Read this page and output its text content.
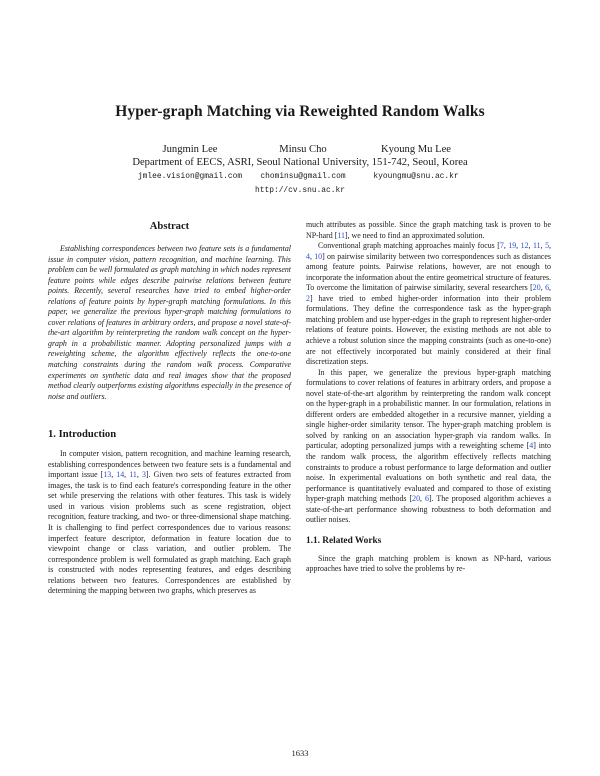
Hyper-graph Matching via Reweighted Random Walks
Jungmin Lee	Minsu Cho	Kyoung Mu Lee
Department of EECS, ASRI, Seoul National University, 151-742, Seoul, Korea
jmlee.vision@gmail.com chominsu@gmail.com	kyoungmu@snu.ac.kr
http://cv.snu.ac.kr
Abstract

Establishing correspondences between two feature sets is a fundamental issue in computer vision, pattern recognition, and machine learning. This problem can be well formulated as graph matching in which nodes represent feature points while edges describe pairwise relations between feature points. Recently, several researches have tried to embed higher-order relations of feature points by hyper-graph matching formulations. In this paper, we generalize the previous hyper-graph matching formulations to cover relations of features in arbitrary orders, and propose a novel state-of-the-art algorithm by reinterpreting the random walk concept on the hyper-graph in a probabilistic manner. Adopting personalized jumps with a reweighting scheme, the algorithm effectively reflects the one-to-one matching constraints during the random walk process. Comparative experiments on synthetic data and real images show that the proposed method clearly outperforms existing algorithms especially in the presence of noise and outliers.

1. Introduction

In computer vision, pattern recognition, and machine learning research, establishing correspondences between two feature sets is a fundamental and important issue [13, 14, 11, 3]. Given two sets of features extracted from images, the task is to find each feature's corresponding feature in the other set while preserving the relations with other features. This task is widely used in various vision problems such as scene registration, object recognition, feature tracking, and two- or three-dimensional shape matching. It is challenging to find perfect correspondences due to various reasons: imperfect feature descriptor, deformation in feature location due to viewpoint change or class variation, and outlier problem. The correspondence problem is well formulated as graph matching. Each graph is constructed with nodes representing features, and edges describing relations between two features. Correspondences are established by determining the mapping between two graphs, which preserves as

much attributes as possible. Since the graph matching task is proven to be NP-hard [11], we need to find an approximated solution.

Conventional graph matching approaches mainly focus [7, 19, 12, 11, 5, 4, 10] on pairwise similarity between two correspondences such as distances among feature points. Pairwise relations, however, are not enough to incorporate the information about the entire geometrical structure of features. To overcome the limitation of pairwise similarity, several researchers [20, 6, 2] have tried to embed higher-order information into their problem formulations. They define the correspondence task as the hyper-graph matching problem and use hyper-edges in the graph to represent higher-order relations of feature points. However, the existing methods are not able to achieve a robust solution since the mapping constraints (such as one-to-one) are not effectively incorporated but mainly considered at their final discretization steps.

In this paper, we generalize the previous hyper-graph matching formulations to cover relations of features in arbitrary orders, and propose a novel state-of-the-art algorithm by reinterpreting the random walk concept on the hyper-graph in a probabilistic manner. In our formulation, relations in different orders are embedded altogether in a recursive manner, yielding a single higher-order similarity tensor. The hyper-graph matching problem is solved by ranking on an association hyper-graph via random walks. In particular, adopting personalized jumps with a reweighting scheme [4] into the random walk process, the algorithm effectively reflects matching constraints to produce a robust performance to large deformation and outlier noise. In experimental evaluations on both synthetic and real data, the performance is quantitatively evaluated and compared to those of existing hyper-graph matching methods [20, 6]. The proposed algorithm achieves a state-of-the-art performance showing robustness to both deformation and outlier noises.

1.1. Related Works

Since the graph matching problem is known as NP-hard, various approaches have tried to solve the problems by re-

1633
